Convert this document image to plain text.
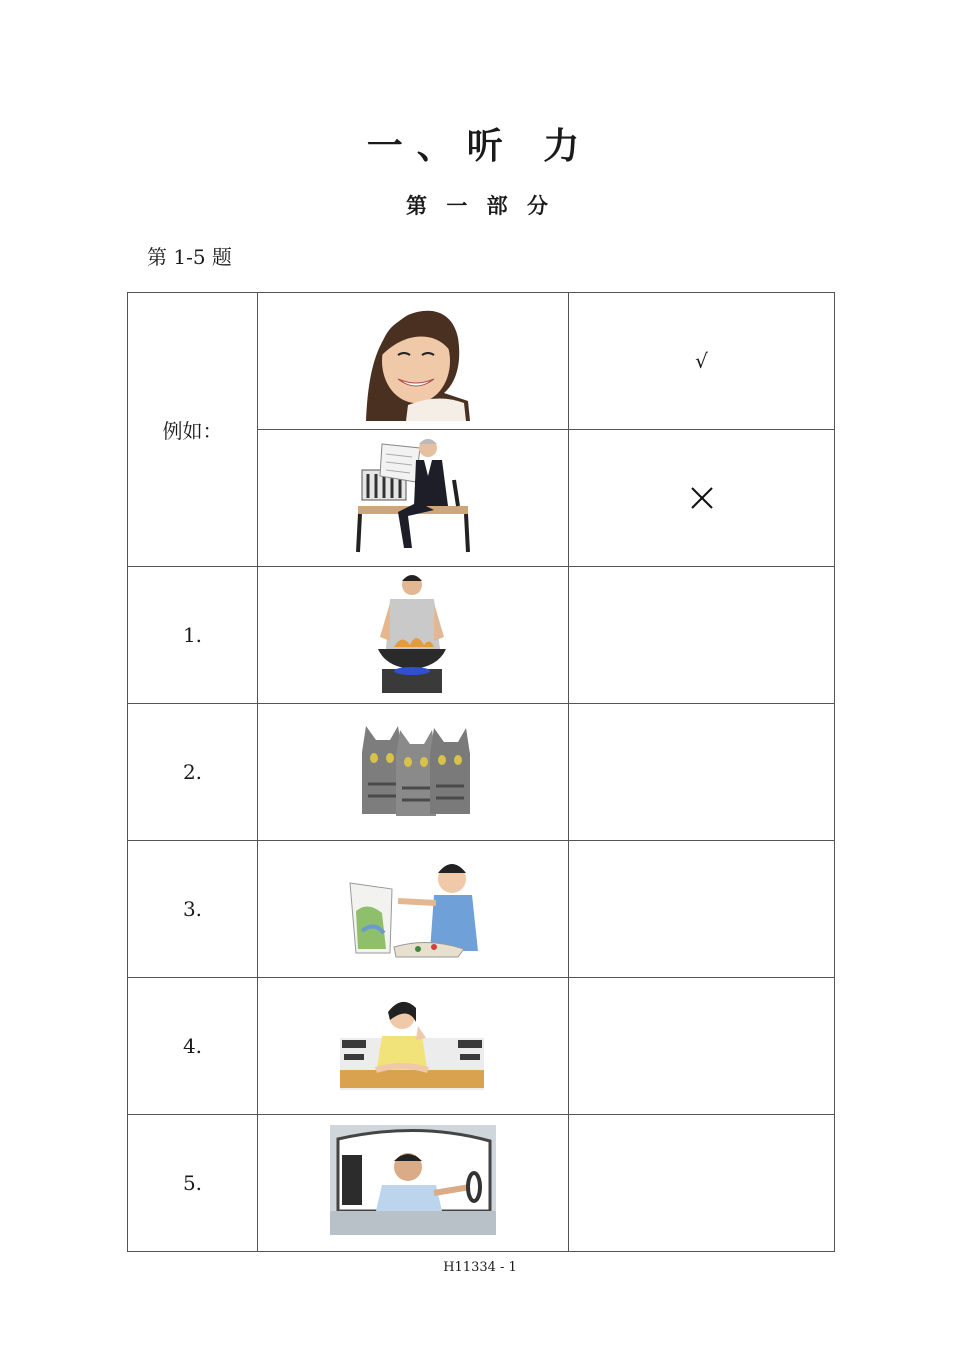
一、听 力
第 一 部 分
第 1-5 题
例如：		√

1.		
2.		
3.		
4.		
5.		
H11334 - 1
